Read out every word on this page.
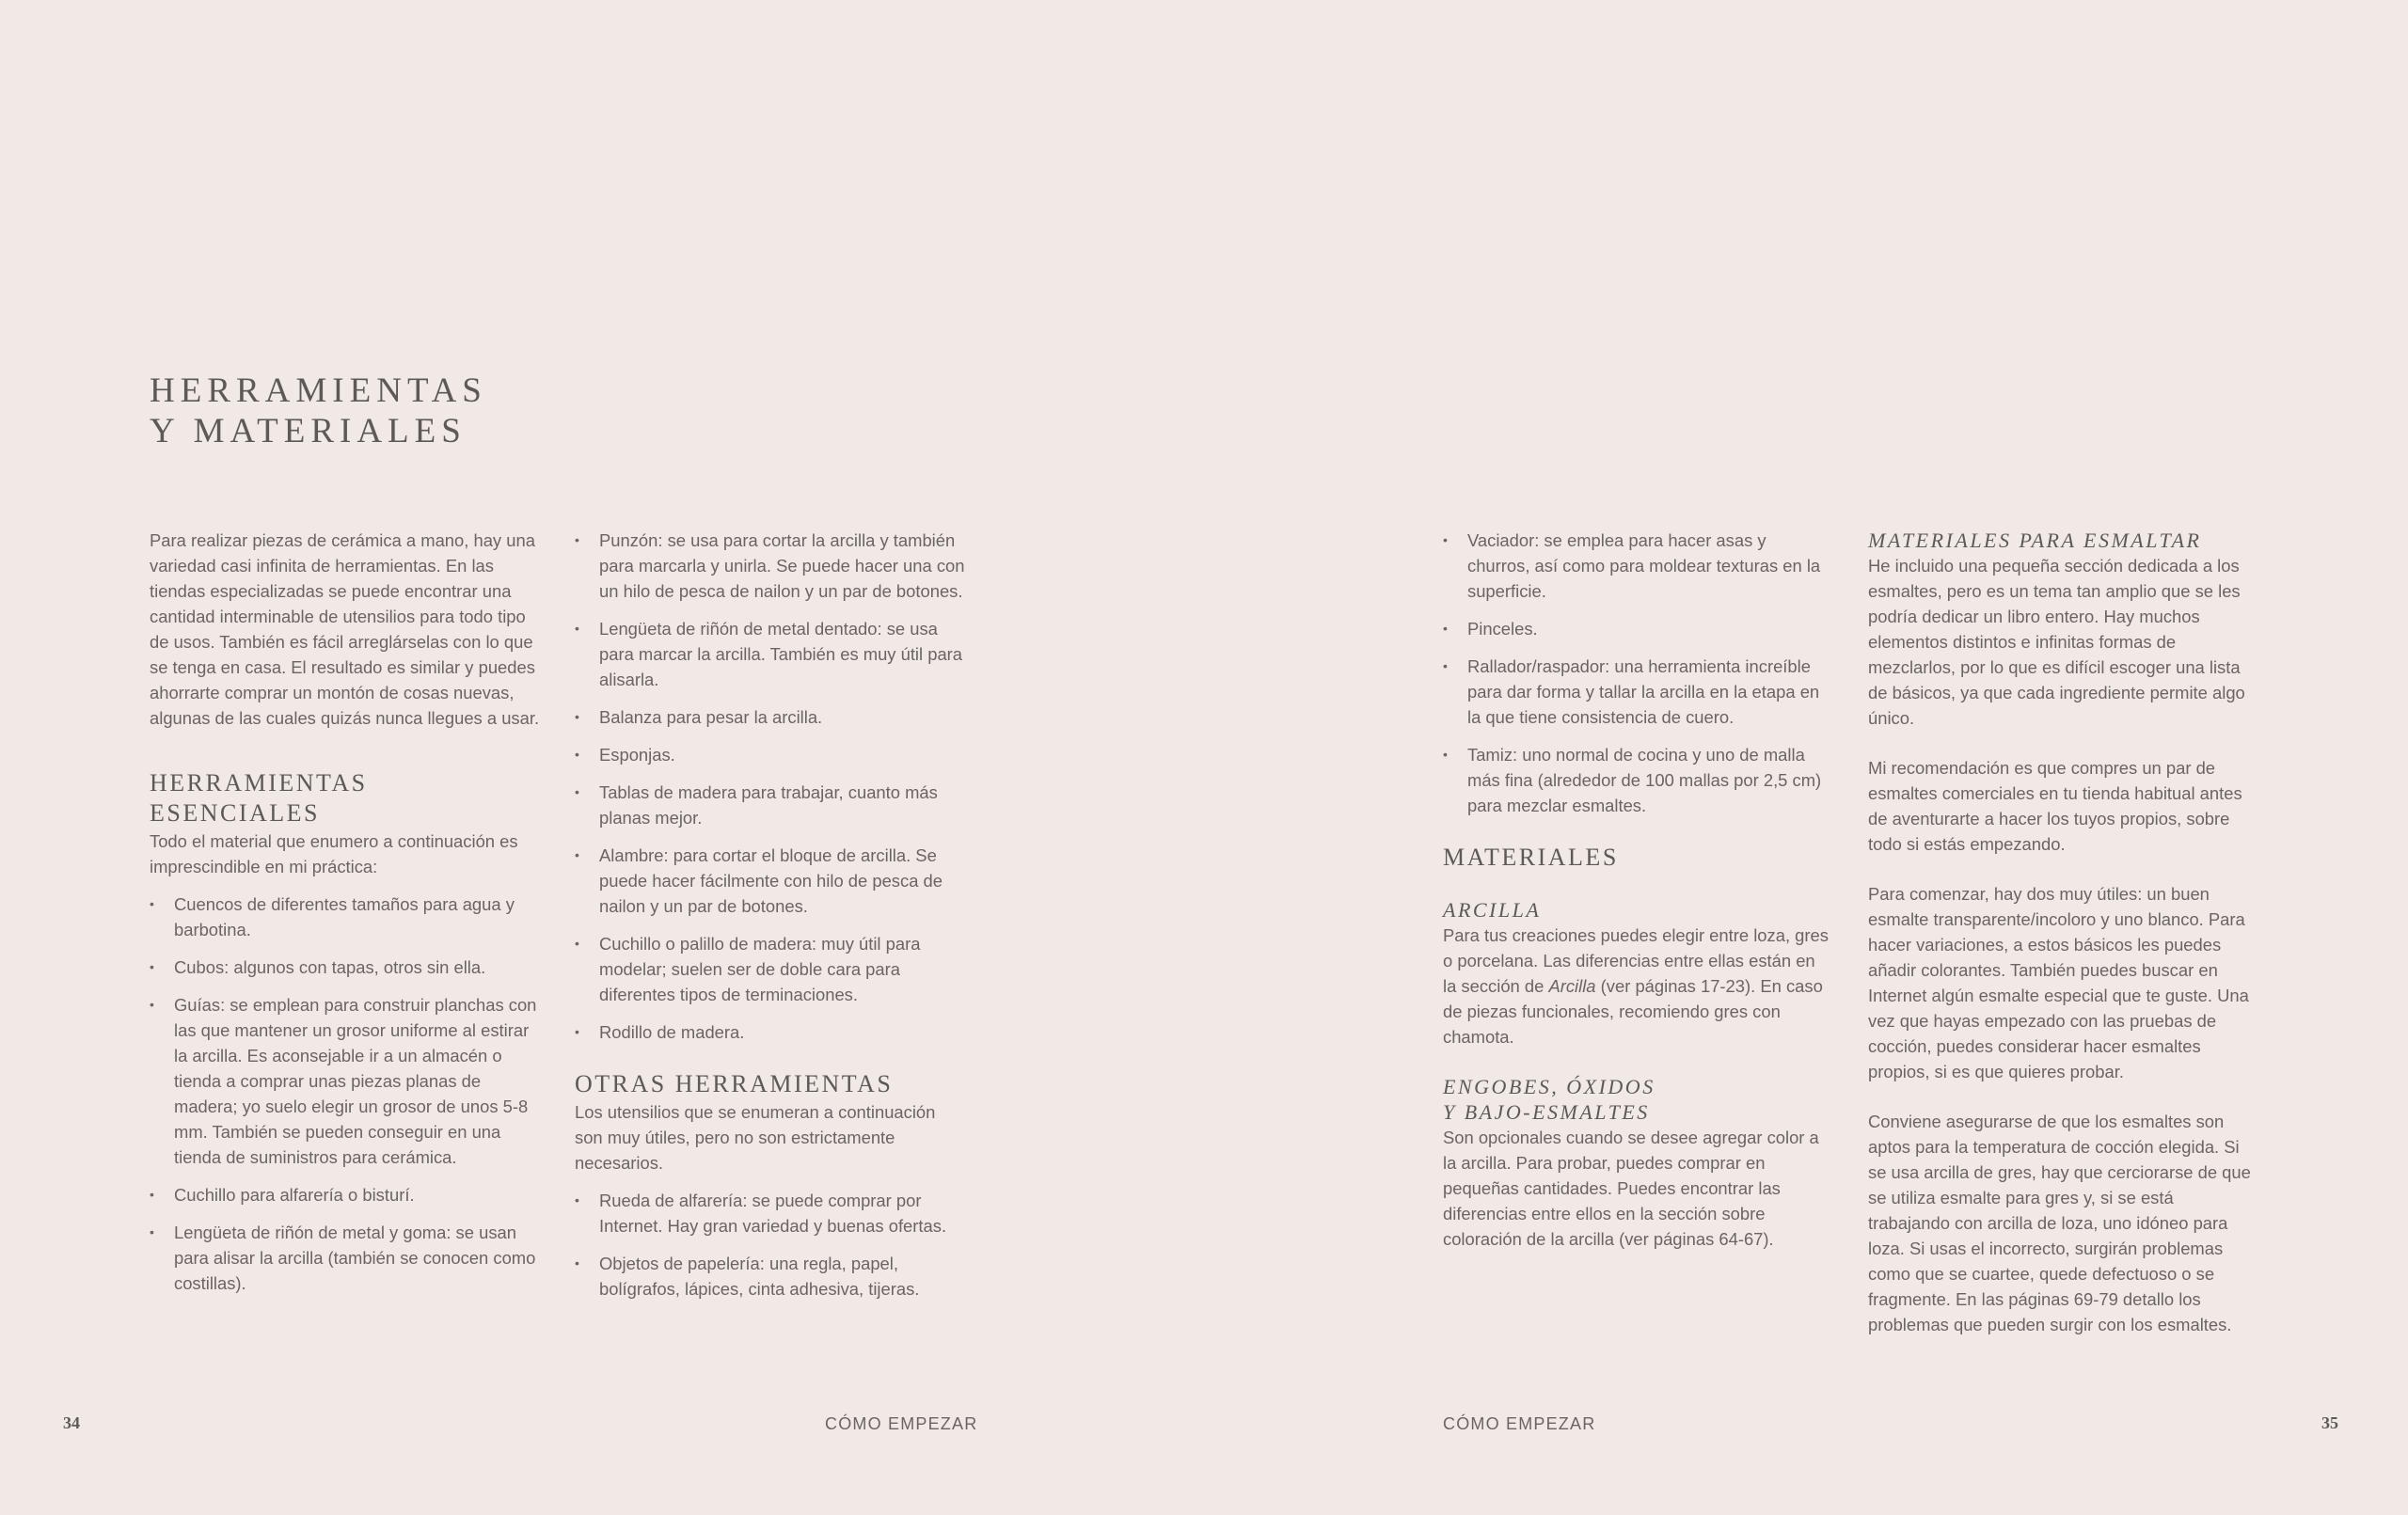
HERRAMIENTAS
Y MATERIALES

Para realizar piezas de cerámica a mano, hay una variedad casi infinita de herramientas. En las tiendas especializadas se puede encontrar una cantidad interminable de utensilios para todo tipo de usos. También es fácil arreglárselas con lo que se tenga en casa. El resultado es similar y puedes ahorrarte comprar un montón de cosas nuevas, algunas de las cuales quizás nunca llegues a usar.

HERRAMIENTAS
ESENCIALES

Todo el material que enumero a continuación es imprescindible en mi práctica:

• Cuencos de diferentes tamaños para agua y barbotina.
• Cubos: algunos con tapas, otros sin ella.
• Guías: se emplean para construir planchas con las que mantener un grosor uniforme al estirar la arcilla. Es aconsejable ir a un almacén o tienda a comprar unas piezas planas de madera; yo suelo elegir un grosor de unos 5-8 mm. También se pueden conseguir en una tienda de suministros para cerámica.
• Cuchillo para alfarería o bisturí.
• Lengüeta de riñón de metal y goma: se usan para alisar la arcilla (también se conocen como costillas).
• Punzón: se usa para cortar la arcilla y también para marcarla y unirla. Se puede hacer una con un hilo de pesca de nailon y un par de botones.
• Lengüeta de riñón de metal dentado: se usa para marcar la arcilla. También es muy útil para alisarla.
• Balanza para pesar la arcilla.
• Esponjas.
• Tablas de madera para trabajar, cuanto más planas mejor.
• Alambre: para cortar el bloque de arcilla. Se puede hacer fácilmente con hilo de pesca de nailon y un par de botones.
• Cuchillo o palillo de madera: muy útil para modelar; suelen ser de doble cara para diferentes tipos de terminaciones.
• Rodillo de madera.
OTRAS HERRAMIENTAS

Los utensilios que se enumeran a continuación son muy útiles, pero no son estrictamente necesarios.

• Rueda de alfarería: se puede comprar por Internet. Hay gran variedad y buenas ofertas.
• Objetos de papelería: una regla, papel, bolígrafos, lápices, cinta adhesiva, tijeras.
• Vaciador: se emplea para hacer asas y churros, así como para moldear texturas en la superficie.
• Pinceles.
• Rallador/raspador: una herramienta increíble para dar forma y tallar la arcilla en la etapa en la que tiene consistencia de cuero.
• Tamiz: uno normal de cocina y uno de malla más fina (alrededor de 100 mallas por 2,5 cm) para mezclar esmaltes.
MATERIALES
ARCILLA

Para tus creaciones puedes elegir entre loza, gres o porcelana. Las diferencias entre ellas están en la sección de Arcilla (ver páginas 17-23). En caso de piezas funcionales, recomiendo gres con chamota.

ENGOBES, ÓXIDOS
Y BAJO-ESMALTES

Son opcionales cuando se desee agregar color a la arcilla. Para probar, puedes comprar en pequeñas cantidades. Puedes encontrar las diferencias entre ellos en la sección sobre coloración de la arcilla (ver páginas 64-67).

MATERIALES PARA ESMALTAR

He incluido una pequeña sección dedicada a los esmaltes, pero es un tema tan amplio que se les podría dedicar un libro entero. Hay muchos elementos distintos e infinitas formas de mezclarlos, por lo que es difícil escoger una lista de básicos, ya que cada ingrediente permite algo único.

Mi recomendación es que compres un par de esmaltes comerciales en tu tienda habitual antes de aventurarte a hacer los tuyos propios, sobre todo si estás empezando.

Para comenzar, hay dos muy útiles: un buen esmalte transparente/incoloro y uno blanco. Para hacer variaciones, a estos básicos les puedes añadir colorantes. También puedes buscar en Internet algún esmalte especial que te guste. Una vez que hayas empezado con las pruebas de cocción, puedes considerar hacer esmaltes propios, si es que quieres probar.

Conviene asegurarse de que los esmaltes son aptos para la temperatura de cocción elegida. Si se usa arcilla de gres, hay que cerciorarse de que se utiliza esmalte para gres y, si se está trabajando con arcilla de loza, uno idóneo para loza. Si usas el incorrecto, surgirán problemas como que se cuartee, quede defectuoso o se fragmente. En las páginas 69-79 detallo los problemas que pueden surgir con los esmaltes.

34	CÓMO EMPEZAR	CÓMO EMPEZAR	35
